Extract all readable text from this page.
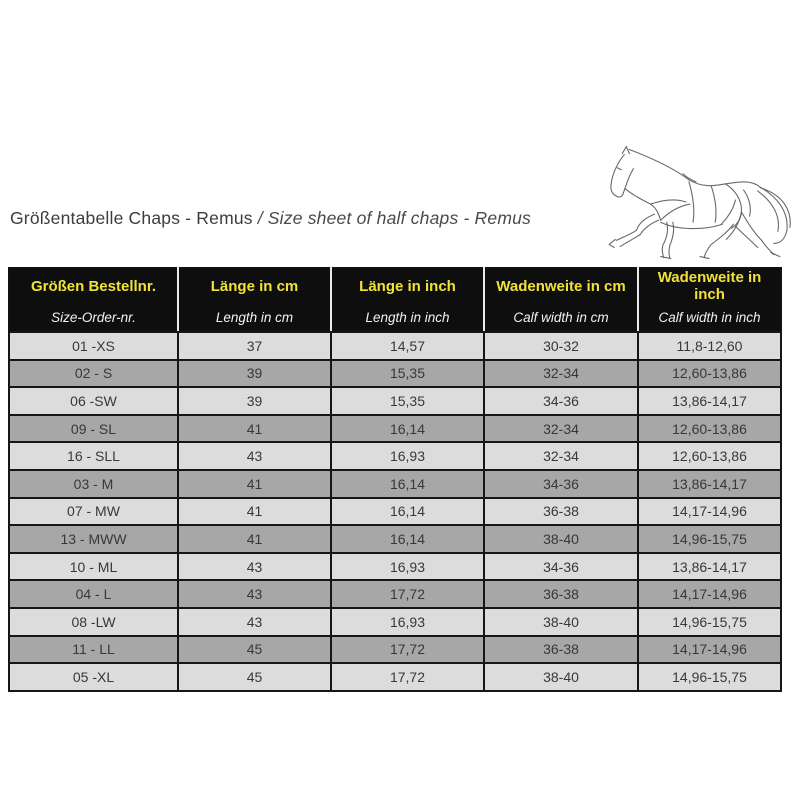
Größentabelle Chaps - Remus / Size sheet of half chaps - Remus
Größen Bestellnr.	Länge in cm	Länge in inch	Wadenweite in cm	Wadenweite in inch
Size-Order-nr.	Length in cm	Length in inch	Calf width in cm	Calf width in inch
01 -XS	37	14,57	30-32	11,8-12,60
02 - S	39	15,35	32-34	12,60-13,86
06 -SW	39	15,35	34-36	13,86-14,17
09 - SL	41	16,14	32-34	12,60-13,86
16 - SLL	43	16,93	32-34	12,60-13,86
03 - M	41	16,14	34-36	13,86-14,17
07 - MW	41	16,14	36-38	14,17-14,96
13 - MWW	41	16,14	38-40	14,96-15,75
10 - ML	43	16,93	34-36	13,86-14,17
04 - L	43	17,72	36-38	14,17-14,96
08 -LW	43	16,93	38-40	14,96-15,75
11 - LL	45	17,72	36-38	14,17-14,96
05 -XL	45	17,72	38-40	14,96-15,75
